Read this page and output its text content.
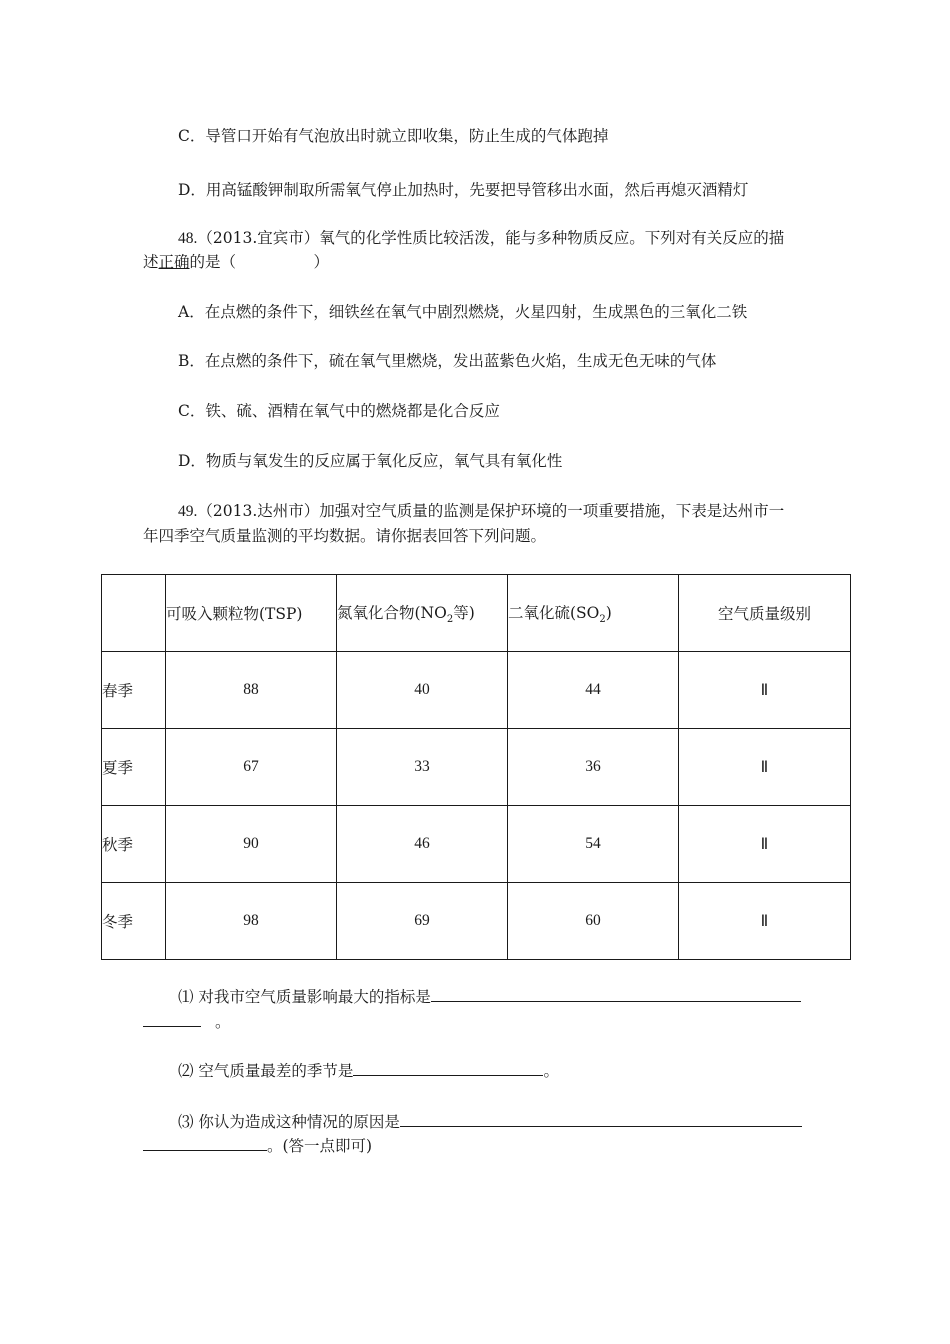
C．导管口开始有气泡放出时就立即收集，防止生成的气体跑掉
D．用高锰酸钾制取所需氧气停止加热时，先要把导管移出水面，然后再熄灭酒精灯
48.（2013.宜宾市）氧气的化学性质比较活泼，能与多种物质反应。下列对有关反应的描
述正确的是（　　　　　）
A．在点燃的条件下，细铁丝在氧气中剧烈燃烧，火星四射，生成黑色的三氧化二铁
B．在点燃的条件下，硫在氧气里燃烧，发出蓝紫色火焰，生成无色无味的气体
C．铁、硫、酒精在氧气中的燃烧都是化合反应
D．物质与氧发生的反应属于氧化反应，氧气具有氧化性
49.（2013.达州市）加强对空气质量的监测是保护环境的一项重要措施，下表是达州市一
年四季空气质量监测的平均数据。请你据表回答下列问题。
	可吸入颗粒物(TSP)	氮氧化合物($NO_2$等)	二氧化硫$(SO_2)$	空气质量级别
春季	88	40	44	Ⅱ
夏季	67	33	36	Ⅱ
秋季	90	46	54	Ⅱ
冬季	98	69	60	Ⅱ
⑴ 对我市空气质量影响最大的指标是
。
⑵ 空气质量最差的季节是	。
⑶ 你认为造成这种情况的原因是
。(答一点即可)
